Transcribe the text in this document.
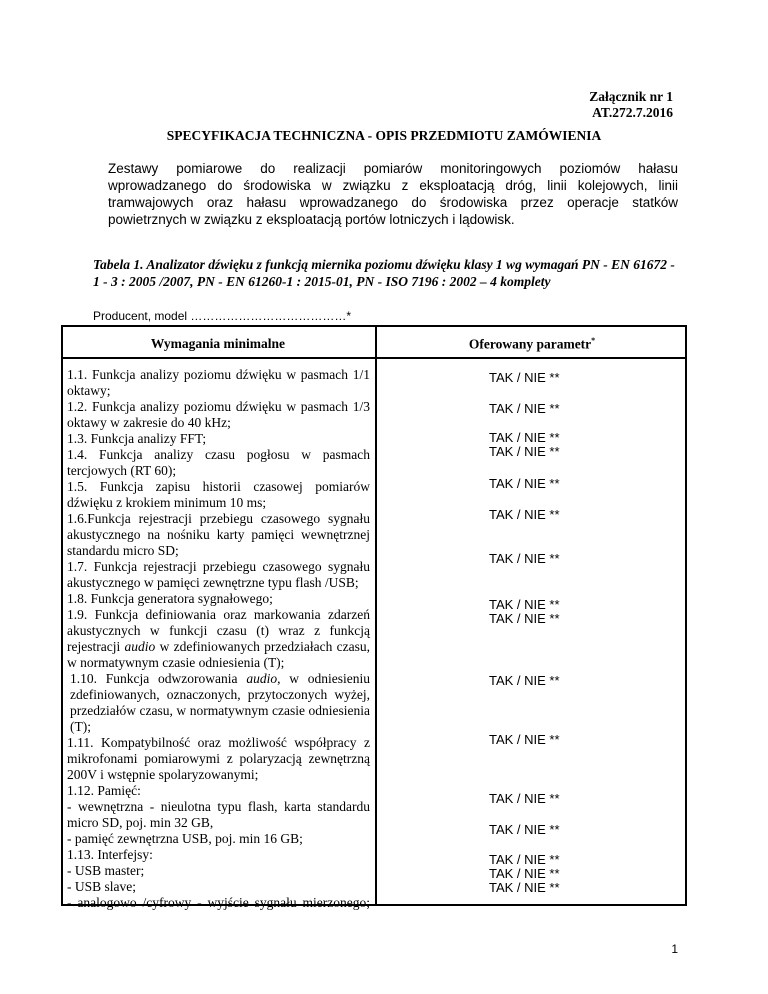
Załącznik nr 1
AT.272.7.2016
SPECYFIKACJA TECHNICZNA - OPIS PRZEDMIOTU ZAMÓWIENIA
Zestawy pomiarowe do realizacji pomiarów monitoringowych poziomów hałasu wprowadzanego do środowiska w związku z eksploatacją dróg, linii kolejowych, linii tramwajowych oraz hałasu wprowadzanego do środowiska przez operacje statków powietrznych w związku z eksploatacją portów lotniczych i lądowisk.
Tabela 1. Analizator dźwięku z funkcją miernika poziomu dźwięku klasy 1 wg wymagań PN - EN 61672 - 1 - 3 : 2005 /2007, PN - EN 61260-1 : 2015-01, PN - ISO 7196 : 2002 – 4 komplety
Producent, model …………………………………*
Wymagania minimalne	Oferowany parametr*
1.1. Funkcja analizy poziomu dźwięku w pasmach 1/1 oktawy;
1.2. Funkcja analizy poziomu dźwięku w pasmach 1/3 oktawy w zakresie do 40 kHz;
1.3. Funkcja analizy FFT;
1.4. Funkcja analizy czasu pogłosu w pasmach tercjowych (RT 60);
1.5. Funkcja zapisu historii czasowej pomiarów dźwięku z krokiem minimum 10 ms;
1.6.Funkcja rejestracji przebiegu czasowego sygnału akustycznego na nośniku karty pamięci wewnętrznej standardu micro SD;
1.7. Funkcja rejestracji przebiegu czasowego sygnału akustycznego w pamięci zewnętrzne typu flash /USB;
1.8. Funkcja generatora sygnałowego;
1.9. Funkcja definiowania oraz markowania zdarzeń akustycznych w funkcji czasu (t) wraz z funkcją rejestracji audio w zdefiniowanych przedziałach czasu, w normatywnym czasie odniesienia (T);
1.10. Funkcja odwzorowania audio, w odniesieniu zdefiniowanych, oznaczonych, przytoczonych wyżej, przedziałów czasu, w normatywnym czasie odniesienia (T);
1.11. Kompatybilność oraz możliwość współpracy z mikrofonami pomiarowymi z polaryzacją zewnętrzną 200V i wstępnie spolaryzowanymi;
1.12. Pamięć:
- wewnętrzna - nieulotna typu flash, karta standardu micro SD, poj. min 32 GB,
- pamięć zewnętrzna USB, poj. min 16 GB;
1.13. Interfejsy:
- USB master;
- USB slave;
- analogowo /cyfrowy - wyjście sygnału mierzonego;
TAK / NIE **
TAK / NIE **
TAK / NIE **
TAK / NIE **
TAK / NIE **
TAK / NIE **
TAK / NIE **
TAK / NIE **
TAK / NIE **
TAK / NIE **
TAK / NIE **
TAK / NIE **
TAK / NIE **
TAK / NIE **
TAK / NIE **
TAK / NIE **
1
